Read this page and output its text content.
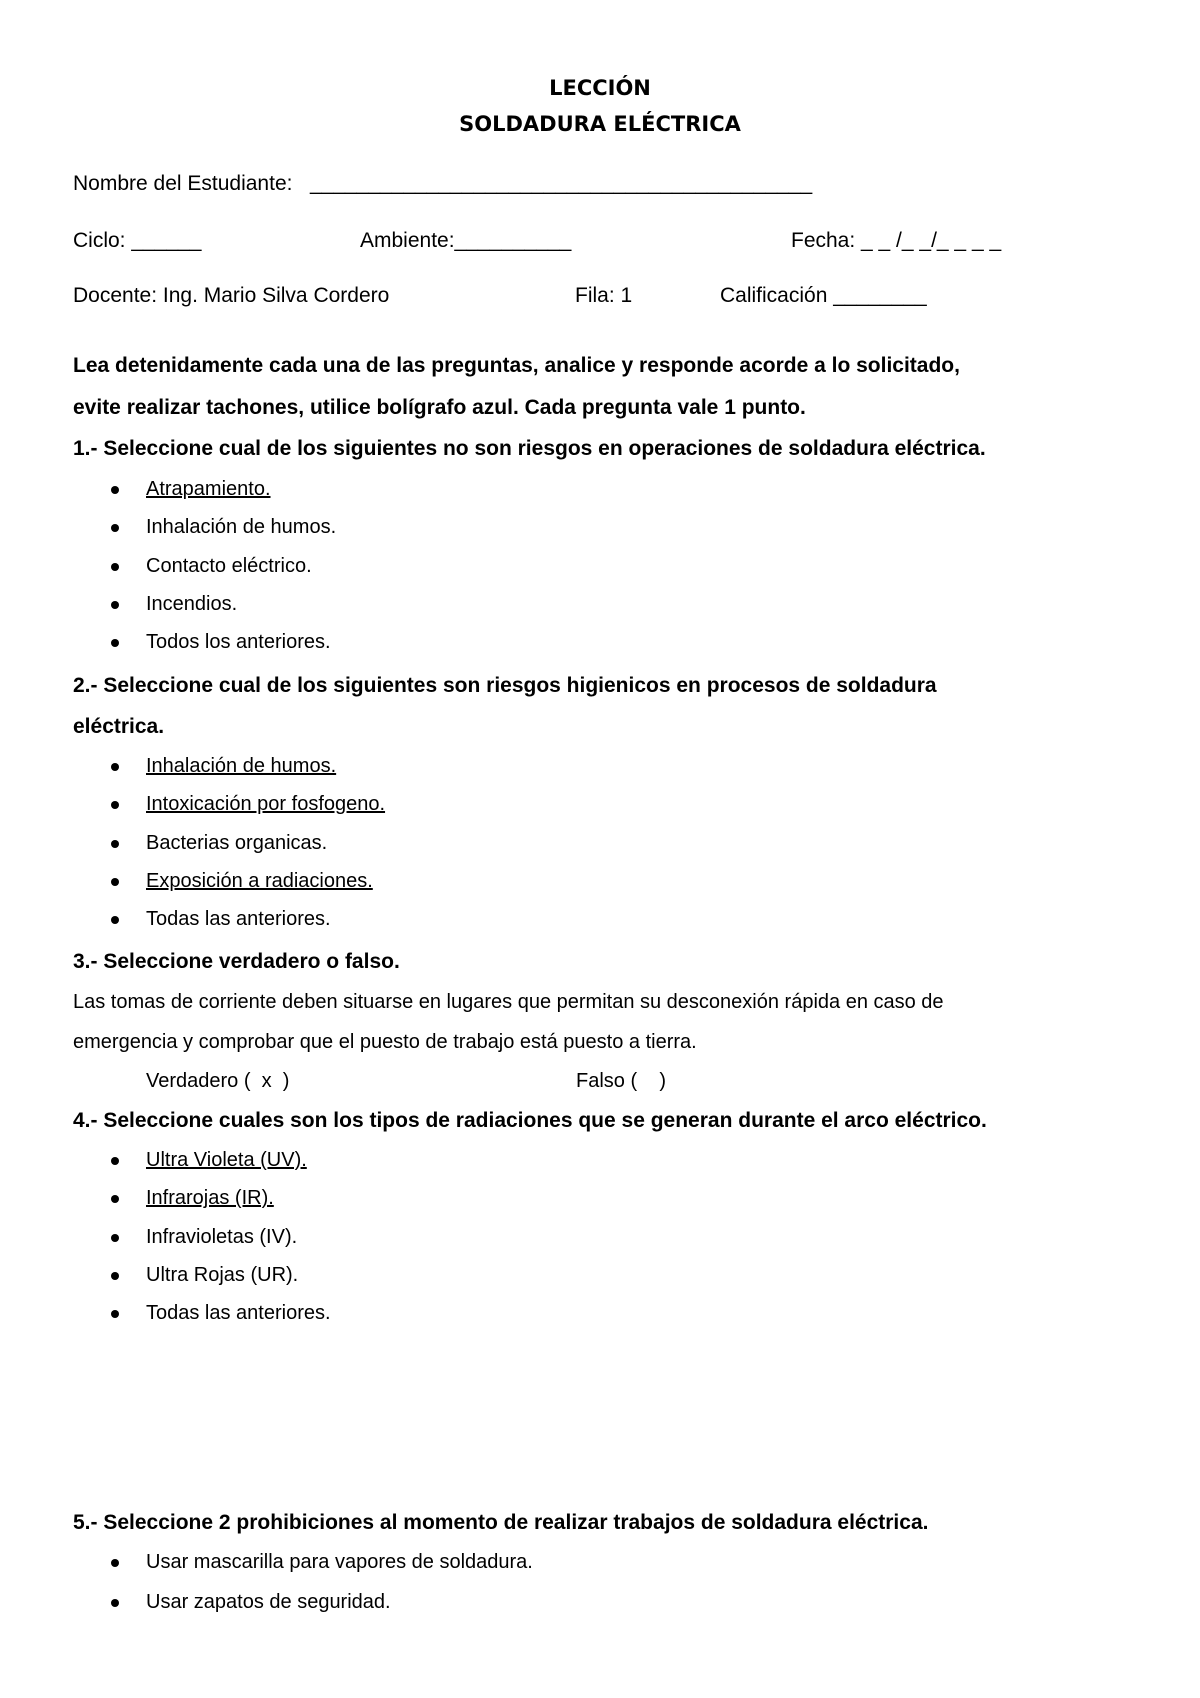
LECCIÓN
SOLDADURA ELÉCTRICA
Nombre del Estudiante:   ___________________________________________
Ciclo: ______	Ambiente:__________	Fecha: _ _ /_ _/_ _ _ _
Docente: Ing. Mario Silva Cordero	Fila: 1	Calificación ________
Lea detenidamente cada una de las preguntas, analice y responde acorde a lo solicitado,
evite realizar tachones, utilice bolígrafo azul. Cada pregunta vale 1 punto.
1.- Seleccione cual de los siguientes no son riesgos en operaciones de soldadura eléctrica.
Atrapamiento.
Inhalación de humos.
Contacto eléctrico.
Incendios.
Todos los anteriores.
2.- Seleccione cual de los siguientes son riesgos higienicos en procesos de soldadura
eléctrica.
Inhalación de humos.
Intoxicación por fosfogeno.
Bacterias organicas.
Exposición a radiaciones.
Todas las anteriores.
3.- Seleccione verdadero o falso.
Las tomas de corriente deben situarse en lugares que permitan su desconexión rápida en caso de
emergencia y comprobar que el puesto de trabajo está puesto a tierra.
Verdadero (  x  )	Falso (    )
4.- Seleccione cuales son los tipos de radiaciones que se generan durante el arco eléctrico.
Ultra Violeta (UV).
Infrarojas (IR).
Infravioletas (IV).
Ultra Rojas (UR).
Todas las anteriores.
5.- Seleccione 2 prohibiciones al momento de realizar trabajos de soldadura eléctrica.
Usar mascarilla para vapores de soldadura.
Usar zapatos de seguridad.
